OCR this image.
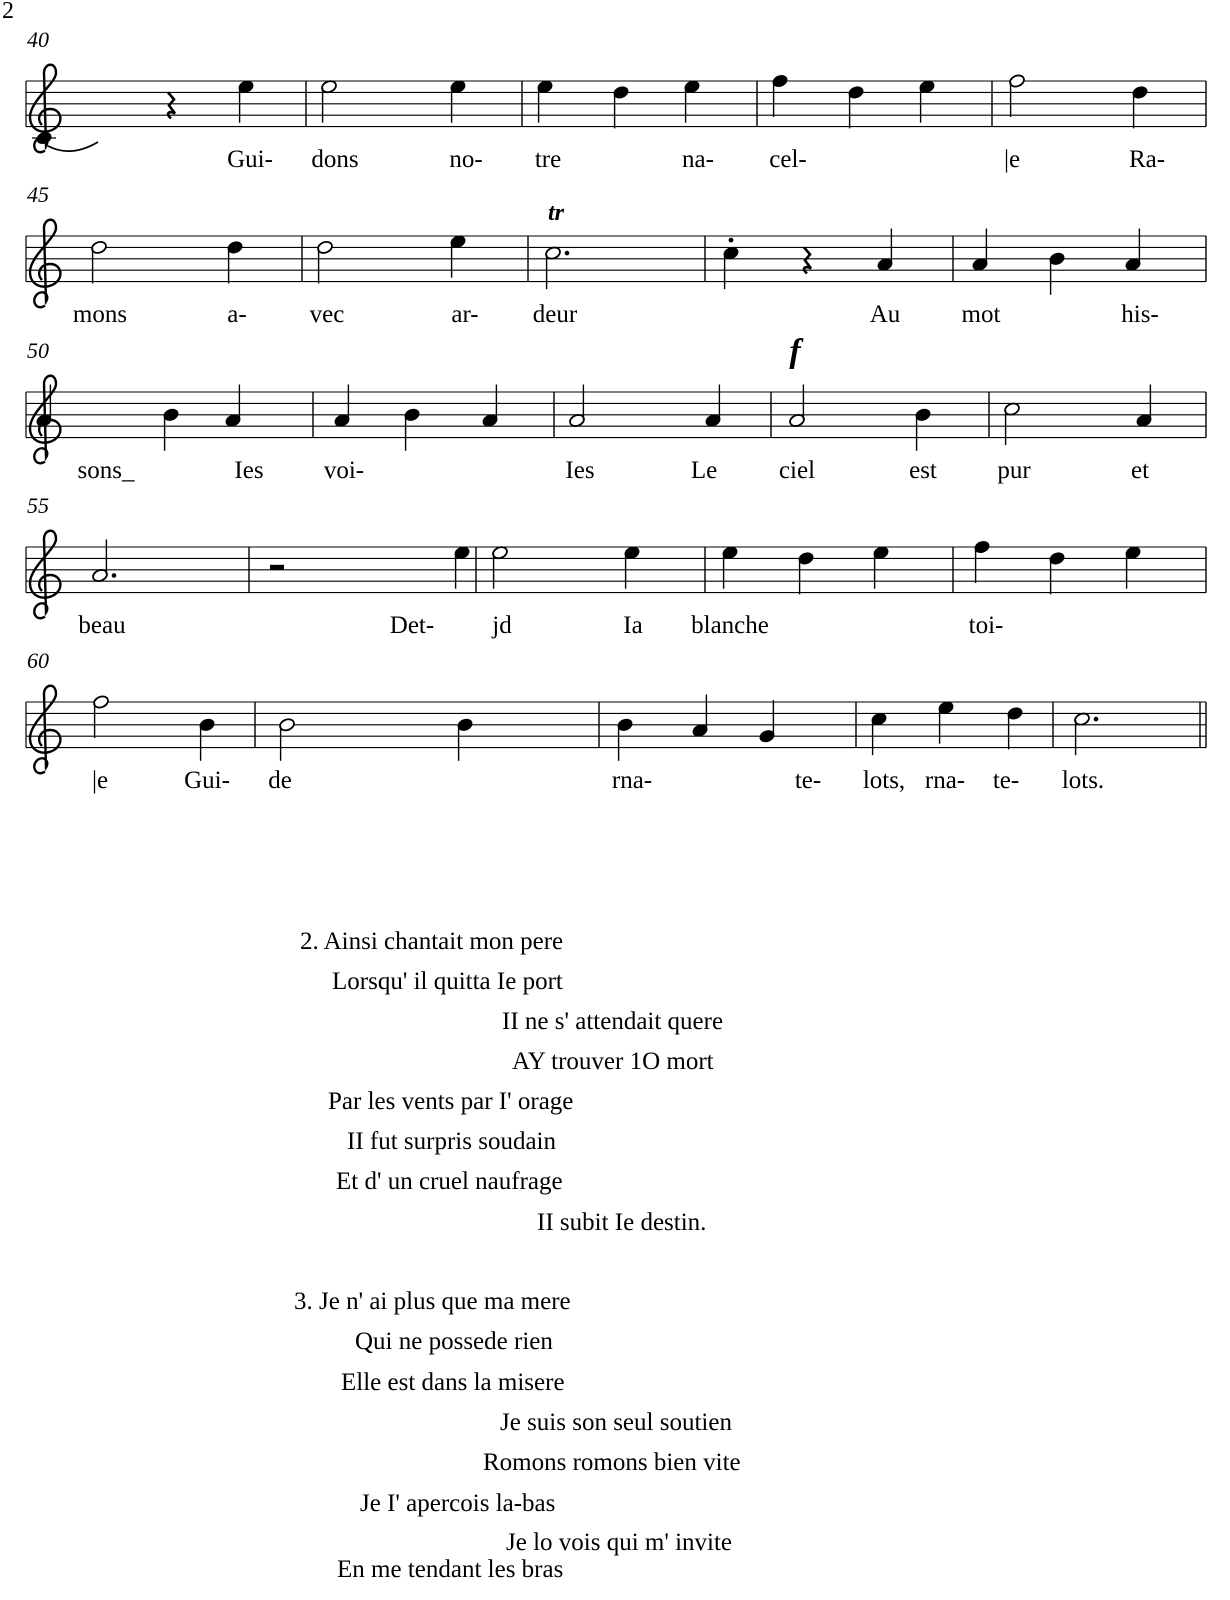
2
40
Gui- dons	no- tre	na- cel-	|e	Ra-
45
tr
mons	a-	vec	ar- deur	Au mot	his-
50	f
sons_	Ies voi-	Ies	Le ciel	est pur	et
55
beau	Det- jd	Ia blanche	toi-
60
|e	Gui- de	rna-	te- lots, rna- te- lots.
2. Ainsi chantait mon pere
Lorsqu' il quitta Ie port
II ne s' attendait quere
AY trouver 1O mort
Par les vents par I' orage
II fut surpris soudain
Et d' un cruel naufrage
II subit Ie destin.
3. Je n' ai plus que ma mere
Qui ne possede rien
Elle est dans la misere
Je suis son seul soutien
Romons romons bien vite
Je I' apercois la-bas
Je lo vois qui m' invite
En me tendant les bras
